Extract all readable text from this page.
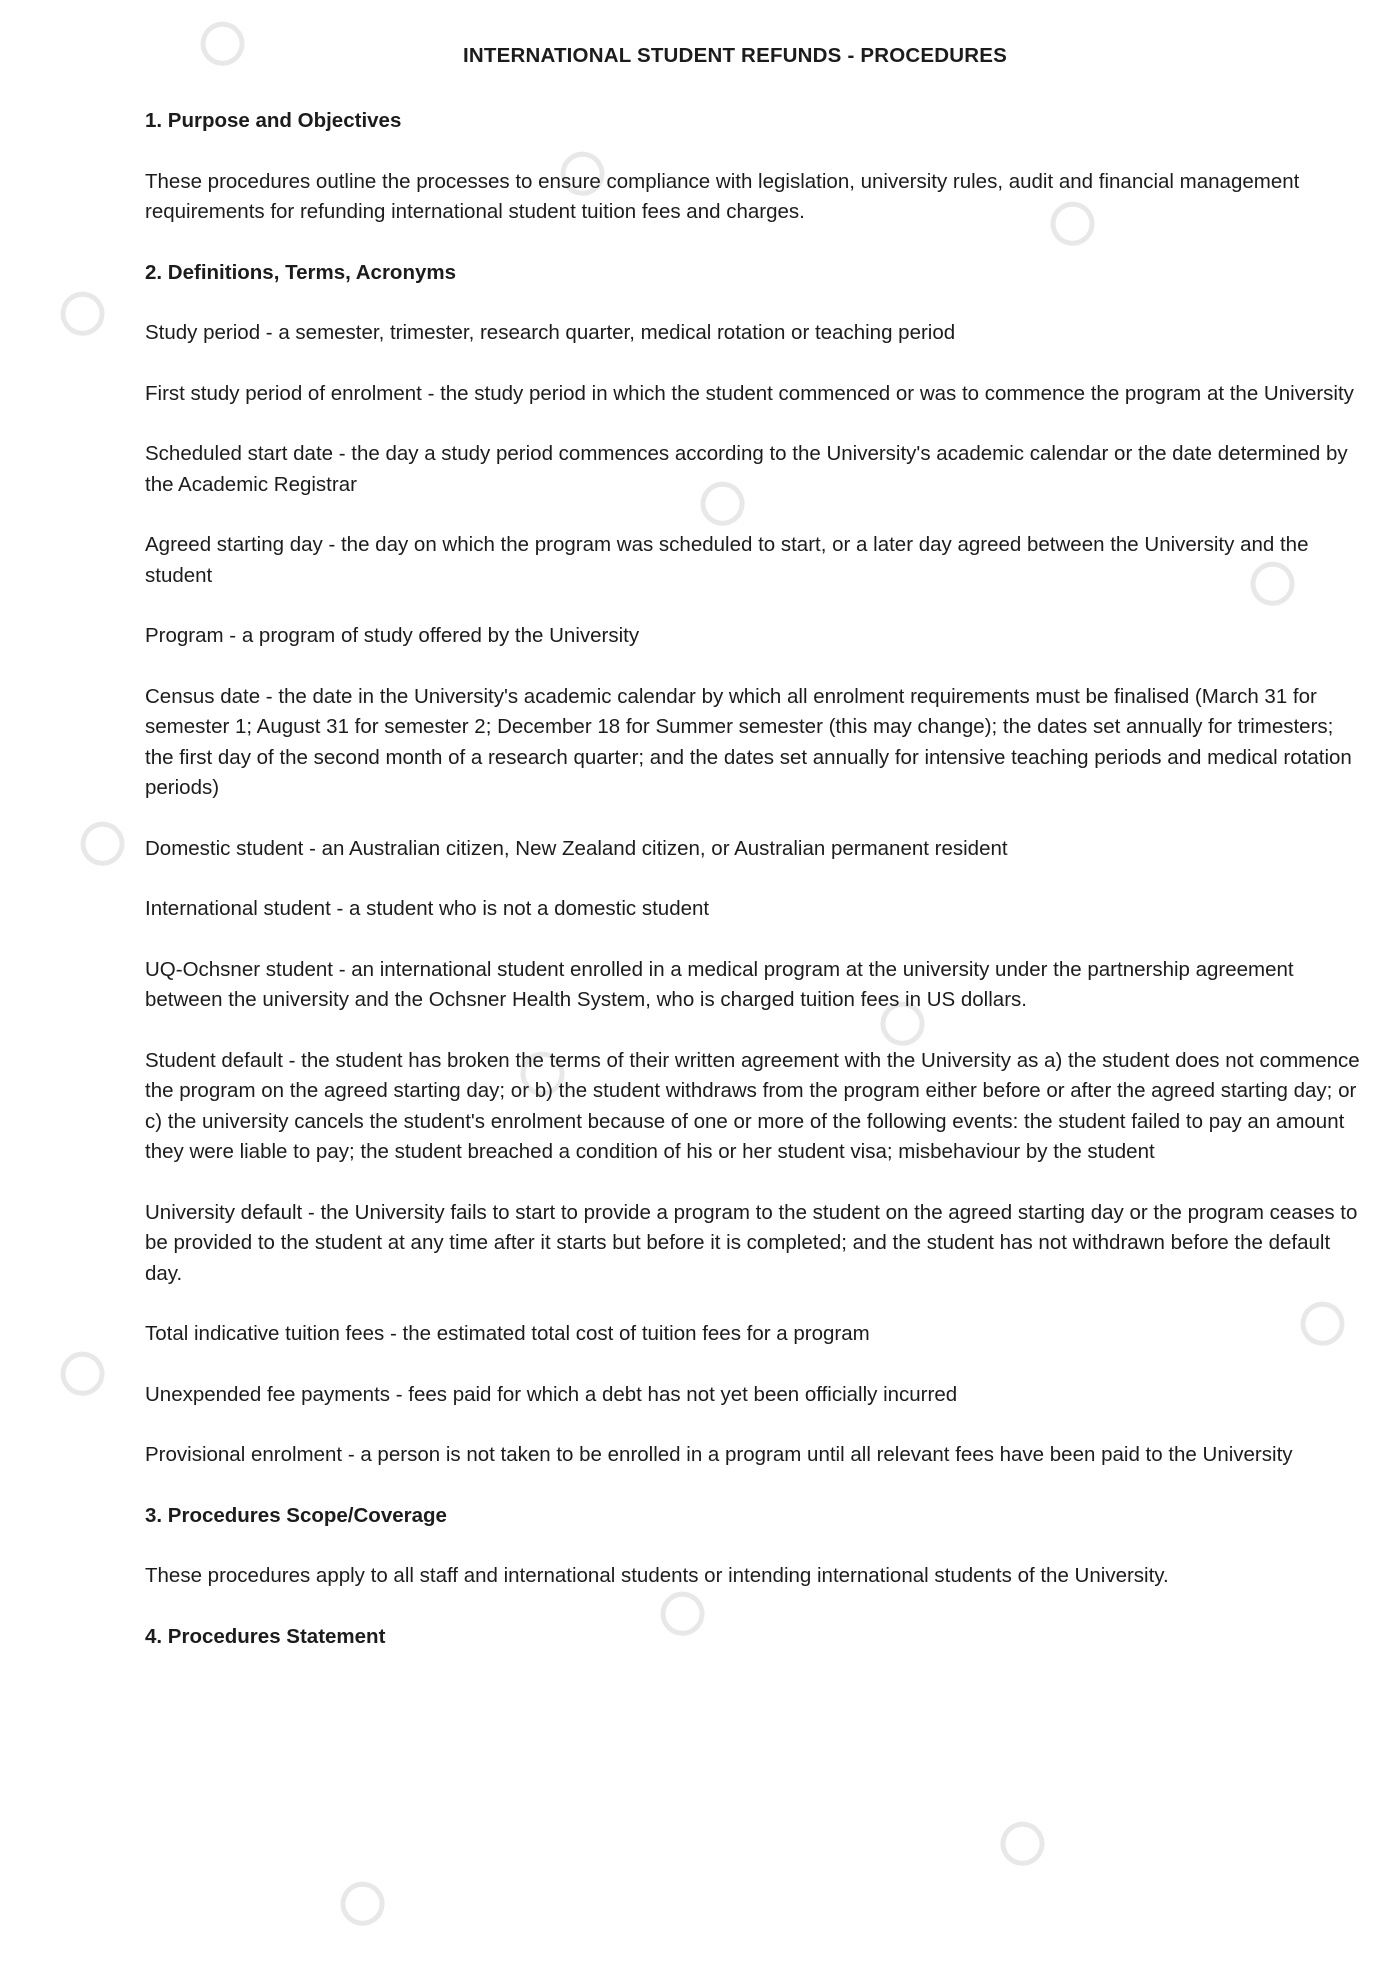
INTERNATIONAL STUDENT REFUNDS - PROCEDURES
1. Purpose and Objectives
These procedures outline the processes to ensure compliance with legislation, university rules, audit and financial management requirements for refunding international student tuition fees and charges.
2. Definitions, Terms, Acronyms
Study period - a semester, trimester, research quarter, medical rotation or teaching period
First study period of enrolment - the study period in which the student commenced or was to commence the program at the University
Scheduled start date - the day a study period commences according to the University's academic calendar or the date determined by the Academic Registrar
Agreed starting day - the day on which the program was scheduled to start, or a later day agreed between the University and the student
Program - a program of study offered by the University
Census date - the date in the University's academic calendar by which all enrolment requirements must be finalised (March 31 for semester 1; August 31 for semester 2; December 18 for Summer semester (this may change); the dates set annually for trimesters; the first day of the second month of a research quarter; and the dates set annually for intensive teaching periods and medical rotation periods)
Domestic student - an Australian citizen, New Zealand citizen, or Australian permanent resident
International student - a student who is not a domestic student
UQ-Ochsner student - an international student enrolled in a medical program at the university under the partnership agreement between the university and the Ochsner Health System, who is charged tuition fees in US dollars.
Student default - the student has broken the terms of their written agreement with the University as a) the student does not commence the program on the agreed starting day; or b) the student withdraws from the program either before or after the agreed starting day; or c) the university cancels the student's enrolment because of one or more of the following events: the student failed to pay an amount they were liable to pay; the student breached a condition of his or her student visa; misbehaviour by the student
University default - the University fails to start to provide a program to the student on the agreed starting day or the program ceases to be provided to the student at any time after it starts but before it is completed; and the student has not withdrawn before the default day.
Total indicative tuition fees - the estimated total cost of tuition fees for a program
Unexpended fee payments - fees paid for which a debt has not yet been officially incurred
Provisional enrolment - a person is not taken to be enrolled in a program until all relevant fees have been paid to the University
3. Procedures Scope/Coverage
These procedures apply to all staff and international students or intending international students of the University.
4. Procedures Statement
